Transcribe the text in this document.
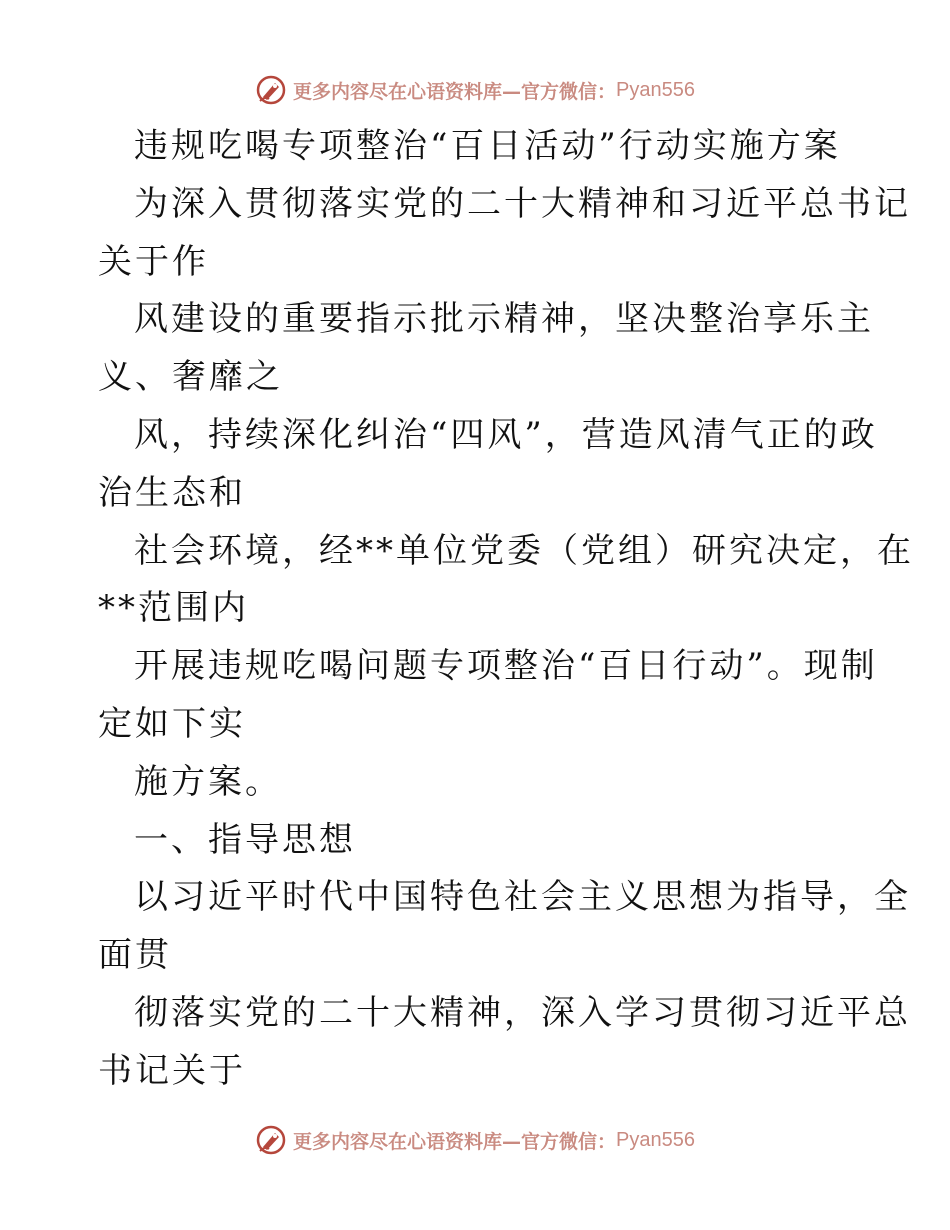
更多内容尽在心语资料库—官方微信： Pyan556
违规吃喝专项整治“百日活动”行动实施方案
为深入贯彻落实党的二十大精神和习近平总书记
关于作
风建设的重要指示批示精神，坚决整治享乐主
义、奢靡之
风，持续深化纠治“四风”，营造风清气正的政
治生态和
社会环境，经**单位党委（党组）研究决定，在
**范围内
开展违规吃喝问题专项整治“百日行动”。现制
定如下实
施方案。
一、指导思想
以习近平时代中国特色社会主义思想为指导，全
面贯
彻落实党的二十大精神，深入学习贯彻习近平总
书记关于
更多内容尽在心语资料库—官方微信： Pyan556
